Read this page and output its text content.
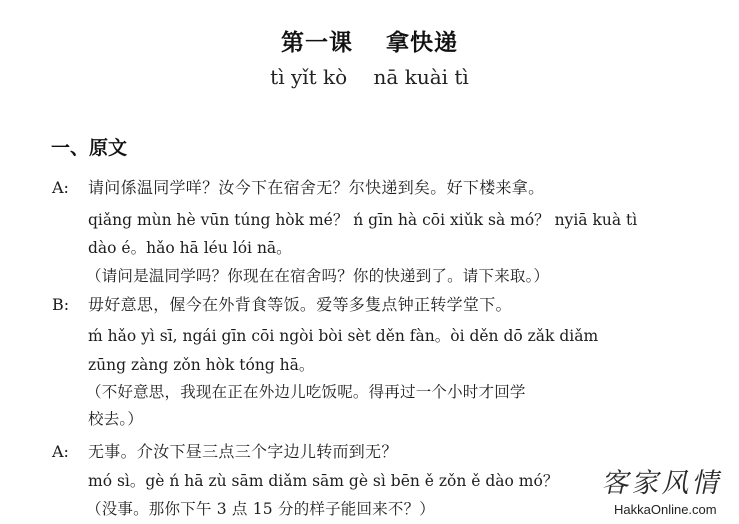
第一课　 拿快递
tì yǐt kò　 nā kuài tì
一、原文
A: 请问係温同学咩？汝今下在宿舍无？尔快递到矣。好下楼来拿。
qiǎng mùn hè vūn túng hòk mé？ ń gīn hà cōi xiǔk sà mó？ nyiā kuà tì
dào é。hǎo hā léu lói nā。
（请问是温同学吗？你现在在宿舍吗？你的快递到了。请下来取。）
B: 毋好意思，偓今在外背食等饭。爱等多隻点钟正转学堂下。
ḿ hǎo yì sī, ngái gīn cōi ngòi bòi sèt děn fàn。òi děn dō zǎk diǎm
zūng zàng zǒn hòk tóng hā。
（不好意思，我现在正在外边儿吃饭呢。得再过一个小时才回学
校去。）
A: 无事。介汝下昼三点三个字边儿转而到无？
mó sì。gè ń hā zù sām diǎm sām gè sì bēn ě zǒn ě dào mó？
（没事。那你下午 3 点 15 分的样子能回来不？）
客家风情
HakkaOnline.com
